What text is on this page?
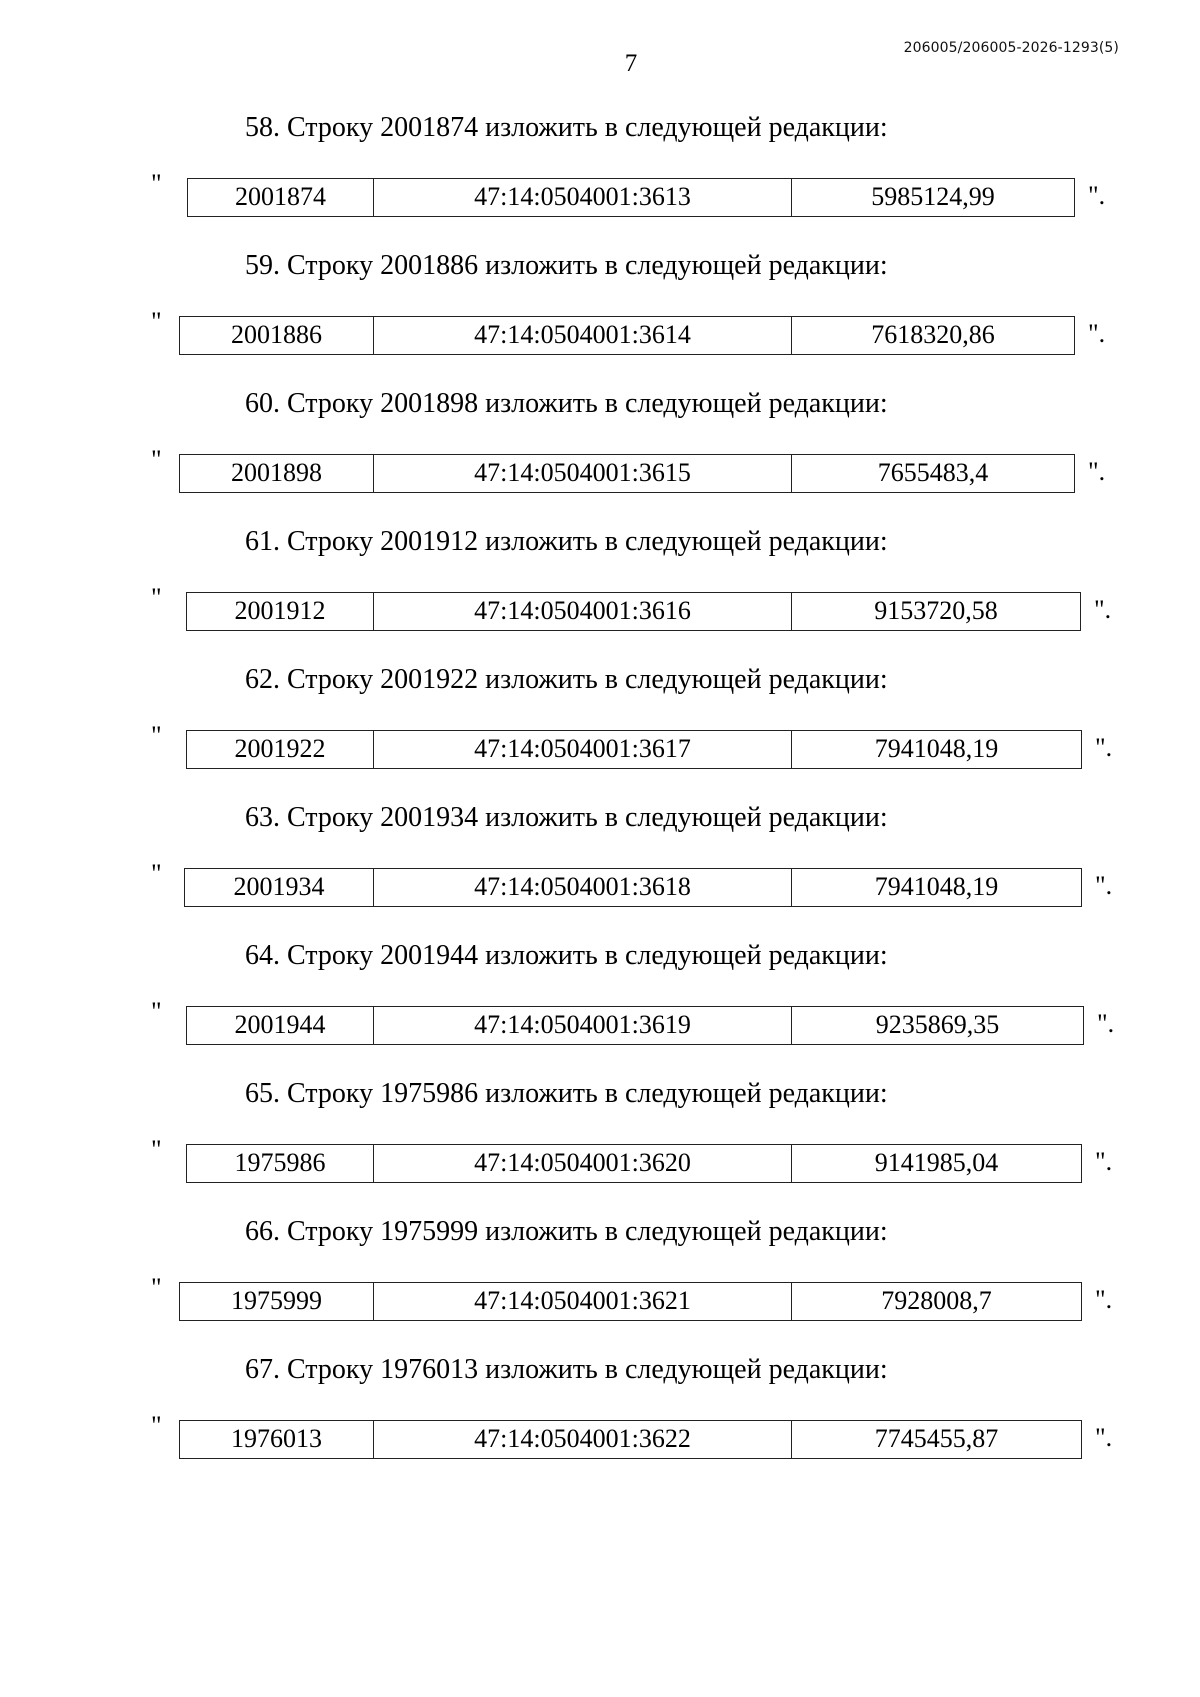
206005/206005-2026-1293(5)
7
58. Строку 2001874 изложить в следующей редакции:
"	2001874	47:14:0504001:3613	5985124,99	".
59. Строку 2001886 изложить в следующей редакции:
"	2001886	47:14:0504001:3614	7618320,86	".
60. Строку 2001898 изложить в следующей редакции:
"	2001898	47:14:0504001:3615	7655483,4	".
61. Строку 2001912 изложить в следующей редакции:
"	2001912	47:14:0504001:3616	9153720,58	".
62. Строку 2001922 изложить в следующей редакции:
"	2001922	47:14:0504001:3617	7941048,19	".
63. Строку 2001934 изложить в следующей редакции:
"	2001934	47:14:0504001:3618	7941048,19	".
64. Строку 2001944 изложить в следующей редакции:
"	2001944	47:14:0504001:3619	9235869,35	".
65. Строку 1975986 изложить в следующей редакции:
"	1975986	47:14:0504001:3620	9141985,04	".
66. Строку 1975999 изложить в следующей редакции:
"	1975999	47:14:0504001:3621	7928008,7	".
67. Строку 1976013 изложить в следующей редакции:
"	1976013	47:14:0504001:3622	7745455,87	".
